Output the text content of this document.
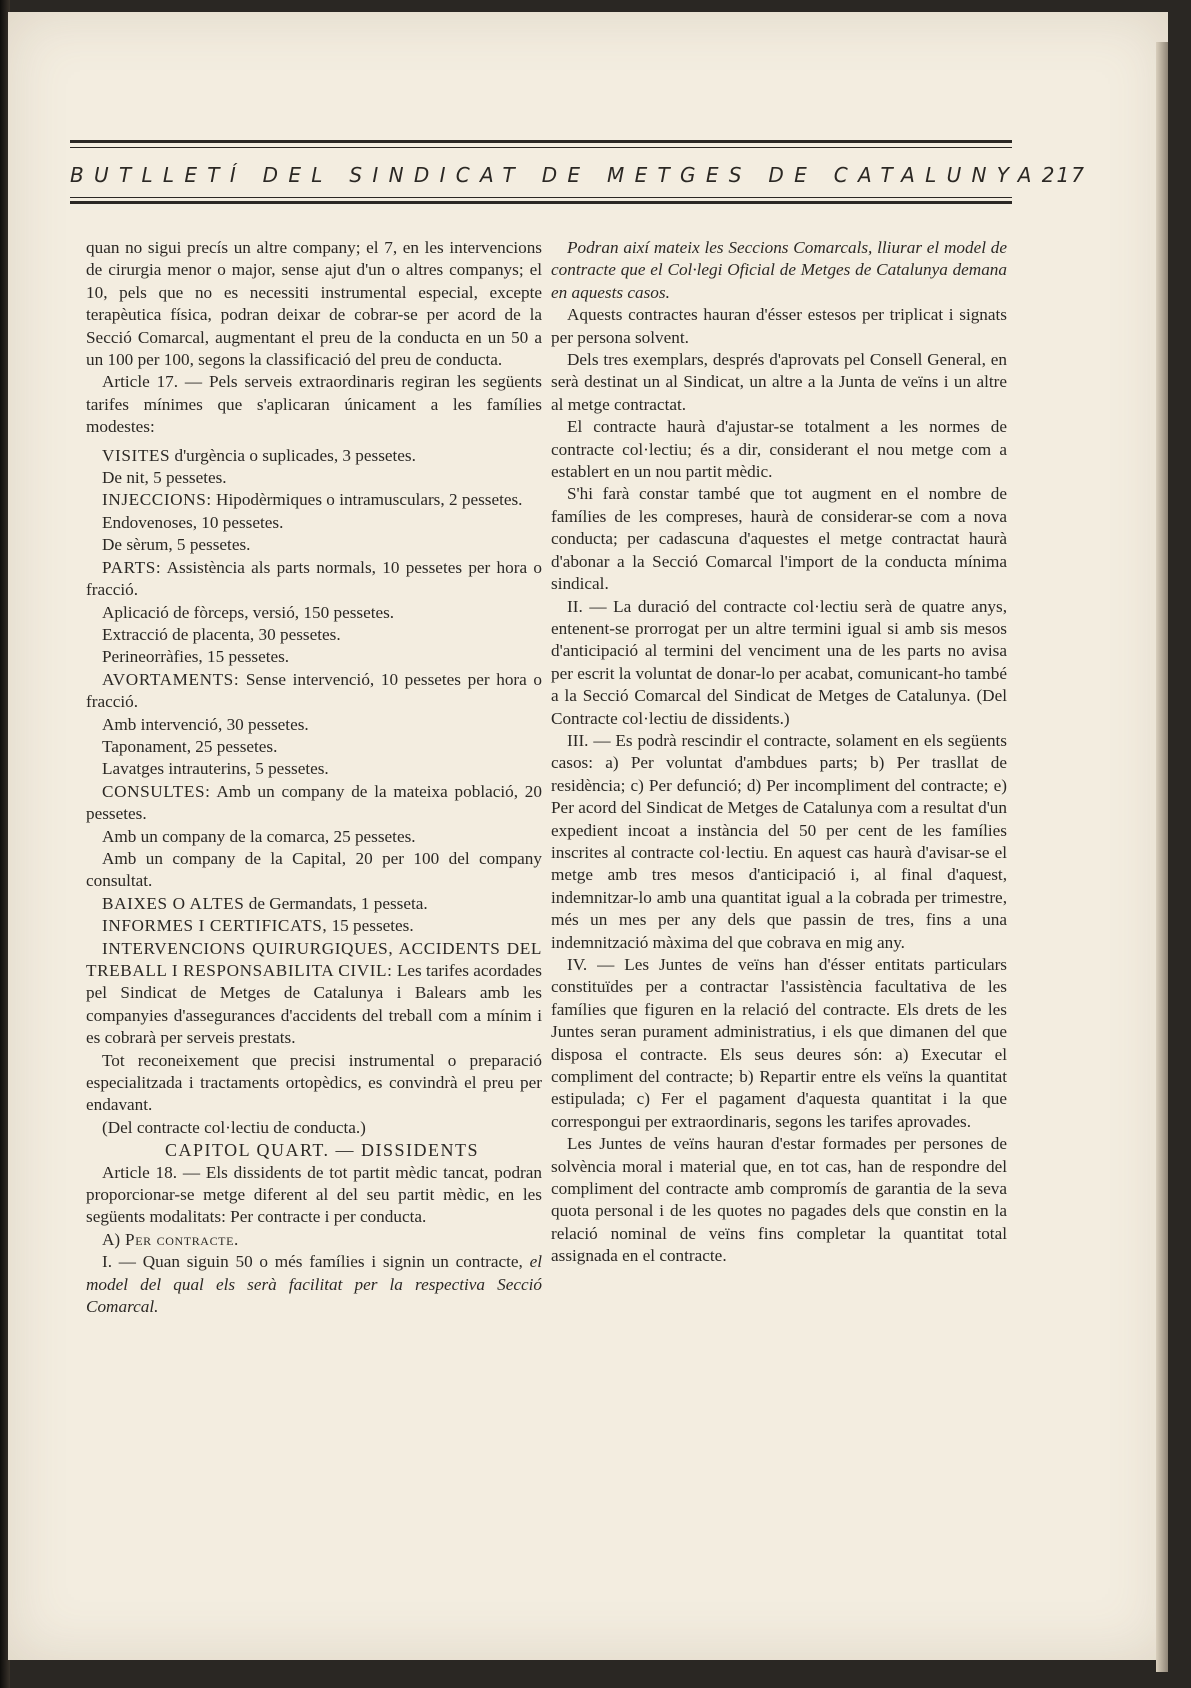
BUTLLETÍ DEL SINDICAT DE METGES DE CATALUNYA 217

quan no sigui precís un altre company; el 7, en les intervencions de cirurgia menor o major, sense ajut d'un o altres companys; el 10, pels que no es necessiti instrumental especial, excepte terapèutica física, podran deixar de cobrar-se per acord de la Secció Comarcal, augmentant el preu de la conducta en un 50 a un 100 per 100, segons la classificació del preu de conducta.

Article 17. — Pels serveis extraordinaris regiran les següents tarifes mínimes que s'aplicaran únicament a les famílies modestes:

VISITES d'urgència o suplicades, 3 pessetes.

De nit, 5 pessetes.

INJECCIONS: Hipodèrmiques o intramusculars, 2 pessetes.

Endovenoses, 10 pessetes.

De sèrum, 5 pessetes.

PARTS: Assistència als parts normals, 10 pessetes per hora o fracció.

Aplicació de fòrceps, versió, 150 pessetes.

Extracció de placenta, 30 pessetes.

Perineorràfies, 15 pessetes.

AVORTAMENTS: Sense intervenció, 10 pessetes per hora o fracció.

Amb intervenció, 30 pessetes.

Taponament, 25 pessetes.

Lavatges intrauterins, 5 pessetes.

CONSULTES: Amb un company de la mateixa població, 20 pessetes.

Amb un company de la comarca, 25 pessetes.

Amb un company de la Capital, 20 per 100 del company consultat.

BAIXES O ALTES de Germandats, 1 pesseta.

INFORMES I CERTIFICATS, 15 pessetes.

INTERVENCIONS QUIRURGIQUES, ACCIDENTS DEL TREBALL I RESPONSABILITA CIVIL: Les tarifes acordades pel Sindicat de Metges de Catalunya i Balears amb les companyies d'assegurances d'accidents del treball com a mínim i es cobrarà per serveis prestats.

Tot reconeixement que precisi instrumental o preparació especialitzada i tractaments ortopèdics, es convindrà el preu per endavant.

(Del contracte col·lectiu de conducta.)

CAPITOL QUART. — DISSIDENTS

Article 18. — Els dissidents de tot partit mèdic tancat, podran proporcionar-se metge diferent al del seu partit mèdic, en les següents modalitats: Per contracte i per conducta.

A) Per contracte.

I. — Quan siguin 50 o més famílies i signin un contracte, el model del qual els serà facilitat per la respectiva Secció Comarcal.

Podran així mateix les Seccions Comarcals, lliurar el model de contracte que el Col·legi Oficial de Metges de Catalunya demana en aquests casos.

Aquests contractes hauran d'ésser estesos per triplicat i signats per persona solvent.

Dels tres exemplars, després d'aprovats pel Consell General, en serà destinat un al Sindicat, un altre a la Junta de veïns i un altre al metge contractat.

El contracte haurà d'ajustar-se totalment a les normes de contracte col·lectiu; és a dir, considerant el nou metge com a establert en un nou partit mèdic.

S'hi farà constar també que tot augment en el nombre de famílies de les compreses, haurà de considerar-se com a nova conducta; per cadascuna d'aquestes el metge contractat haurà d'abonar a la Secció Comarcal l'import de la conducta mínima sindical.

II. — La duració del contracte col·lectiu serà de quatre anys, entenent-se prorrogat per un altre termini igual si amb sis mesos d'anticipació al termini del venciment una de les parts no avisa per escrit la voluntat de donar-lo per acabat, comunicant-ho també a la Secció Comarcal del Sindicat de Metges de Catalunya. (Del Contracte col·lectiu de dissidents.)

III. — Es podrà rescindir el contracte, solament en els següents casos: a) Per voluntat d'ambdues parts; b) Per trasllat de residència; c) Per defunció; d) Per incompliment del contracte; e) Per acord del Sindicat de Metges de Catalunya com a resultat d'un expedient incoat a instància del 50 per cent de les famílies inscrites al contracte col·lectiu. En aquest cas haurà d'avisar-se el metge amb tres mesos d'anticipació i, al final d'aquest, indemnitzar-lo amb una quantitat igual a la cobrada per trimestre, més un mes per any dels que passin de tres, fins a una indemnització màxima del que cobrava en mig any.

IV. — Les Juntes de veïns han d'ésser entitats particulars constituïdes per a contractar l'assistència facultativa de les famílies que figuren en la relació del contracte. Els drets de les Juntes seran purament administratius, i els que dimanen del que disposa el contracte. Els seus deures són: a) Executar el compliment del contracte; b) Repartir entre els veïns la quantitat estipulada; c) Fer el pagament d'aquesta quantitat i la que correspongui per extraordinaris, segons les tarifes aprovades.

Les Juntes de veïns hauran d'estar formades per persones de solvència moral i material que, en tot cas, han de respondre del compliment del contracte amb compromís de garantia de la seva quota personal i de les quotes no pagades dels que constin en la relació nominal de veïns fins completar la quantitat total assignada en el contracte.
